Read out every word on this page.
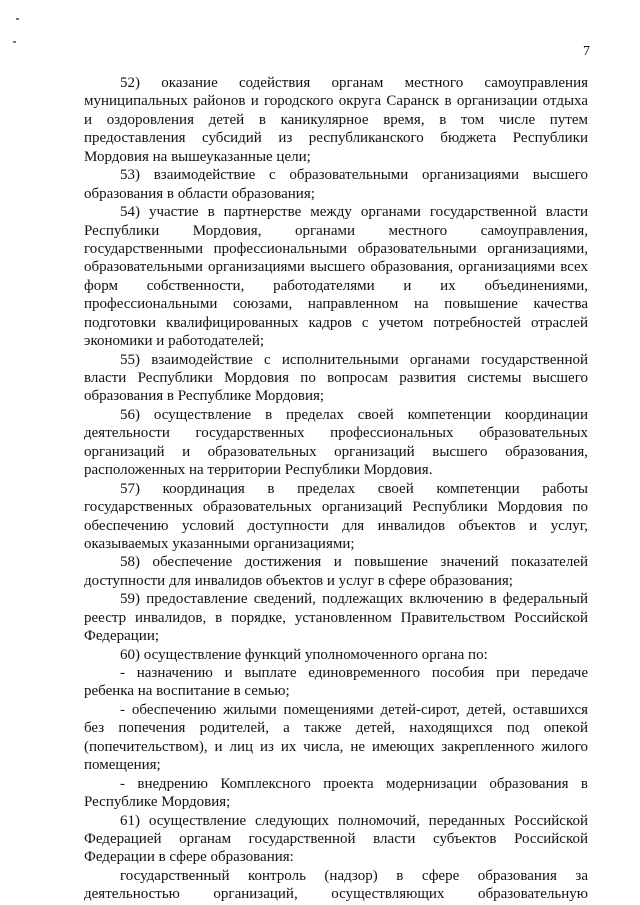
7
52) оказание содействия органам местного самоуправления
муниципальных районов и городского округа Саранск в организации отдыха
и оздоровления детей в каникулярное время, в том числе путем
предоставления субсидий из республиканского бюджета Республики
Мордовия на вышеуказанные цели;
53) взаимодействие с образовательными организациями высшего
образования в области образования;
54) участие в партнерстве между органами государственной власти
Республики Мордовия, органами местного самоуправления,
государственными профессиональными образовательными организациями,
образовательными организациями высшего образования, организациями всех
форм собственности, работодателями и их объединениями,
профессиональными союзами, направленном на повышение качества
подготовки квалифицированных кадров с учетом потребностей отраслей
экономики и работодателей;
55) взаимодействие с исполнительными органами государственной
власти Республики Мордовия по вопросам развития системы высшего
образования в Республике Мордовия;
56) осуществление в пределах своей компетенции координации
деятельности государственных профессиональных образовательных
организаций и образовательных организаций высшего образования,
расположенных на территории Республики Мордовия.
57) координация в пределах своей компетенции работы
государственных образовательных организаций Республики Мордовия по
обеспечению условий доступности для инвалидов объектов и услуг,
оказываемых указанными организациями;
58) обеспечение достижения и повышение значений показателей
доступности для инвалидов объектов и услуг в сфере образования;
59) предоставление сведений, подлежащих включению в федеральный
реестр инвалидов, в порядке, установленном Правительством Российской
Федерации;
60) осуществление функций уполномоченного органа по:
- назначению и выплате единовременного пособия при передаче
ребенка на воспитание в семью;
- обеспечению жилыми помещениями детей-сирот, детей, оставшихся
без попечения родителей, а также детей, находящихся под опекой
(попечительством), и лиц из их числа, не имеющих закрепленного жилого
помещения;
- внедрению Комплексного проекта модернизации образования в
Республике Мордовия;
61) осуществление следующих полномочий, переданных Российской
Федерацией органам государственной власти субъектов Российской
Федерации в сфере образования:
государственный контроль (надзор) в сфере образования за
деятельностью организаций, осуществляющих образовательную
